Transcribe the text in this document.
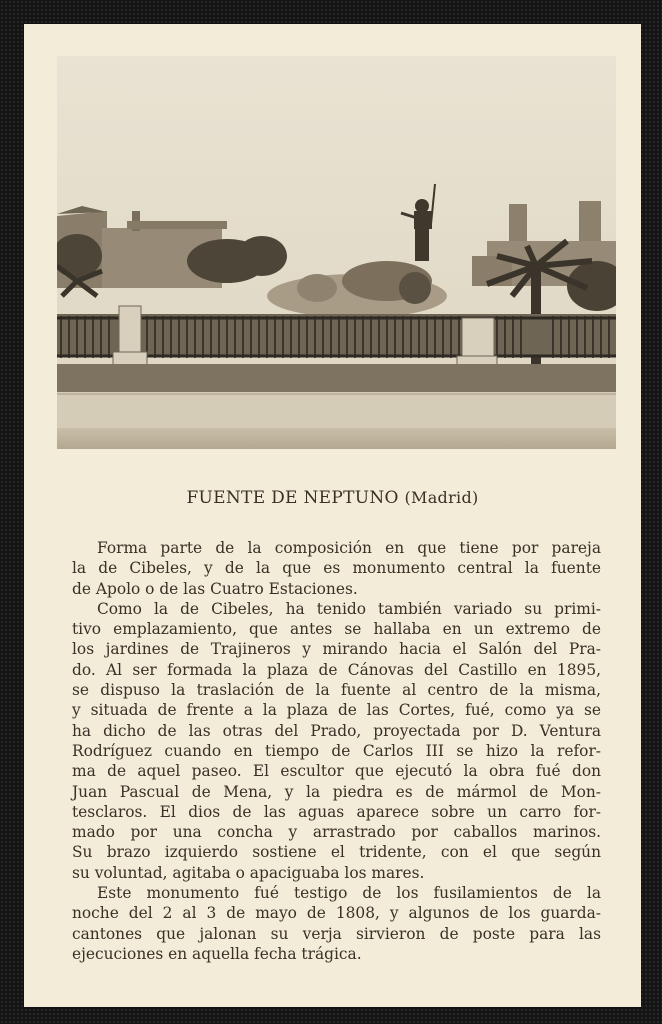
FUENTE DE NEPTUNO (Madrid)

Forma parte de la composición en que tiene por pareja
la de Cibeles, y de la que es monumento central la fuente
de Apolo o de las Cuatro Estaciones.

Como la de Cibeles, ha tenido también variado su primi-
tivo emplazamiento, que antes se hallaba en un extremo de
los jardines de Trajineros y mirando hacia el Salón del Pra-
do. Al ser formada la plaza de Cánovas del Castillo en 1895,
se dispuso la traslación de la fuente al centro de la misma,
y situada de frente a la plaza de las Cortes, fué, como ya se
ha dicho de las otras del Prado, proyectada por D. Ventura
Rodríguez cuando en tiempo de Carlos III se hizo la refor-
ma de aquel paseo. El escultor que ejecutó la obra fué don
Juan Pascual de Mena, y la piedra es de mármol de Mon-
tesclaros. El dios de las aguas aparece sobre un carro for-
mado por una concha y arrastrado por caballos marinos.
Su brazo izquierdo sostiene el tridente, con el que según
su voluntad, agitaba o apaciguaba los mares.

Este monumento fué testigo de los fusilamientos de la
noche del 2 al 3 de mayo de 1808, y algunos de los guarda-
cantones que jalonan su verja sirvieron de poste para las
ejecuciones en aquella fecha trágica.
